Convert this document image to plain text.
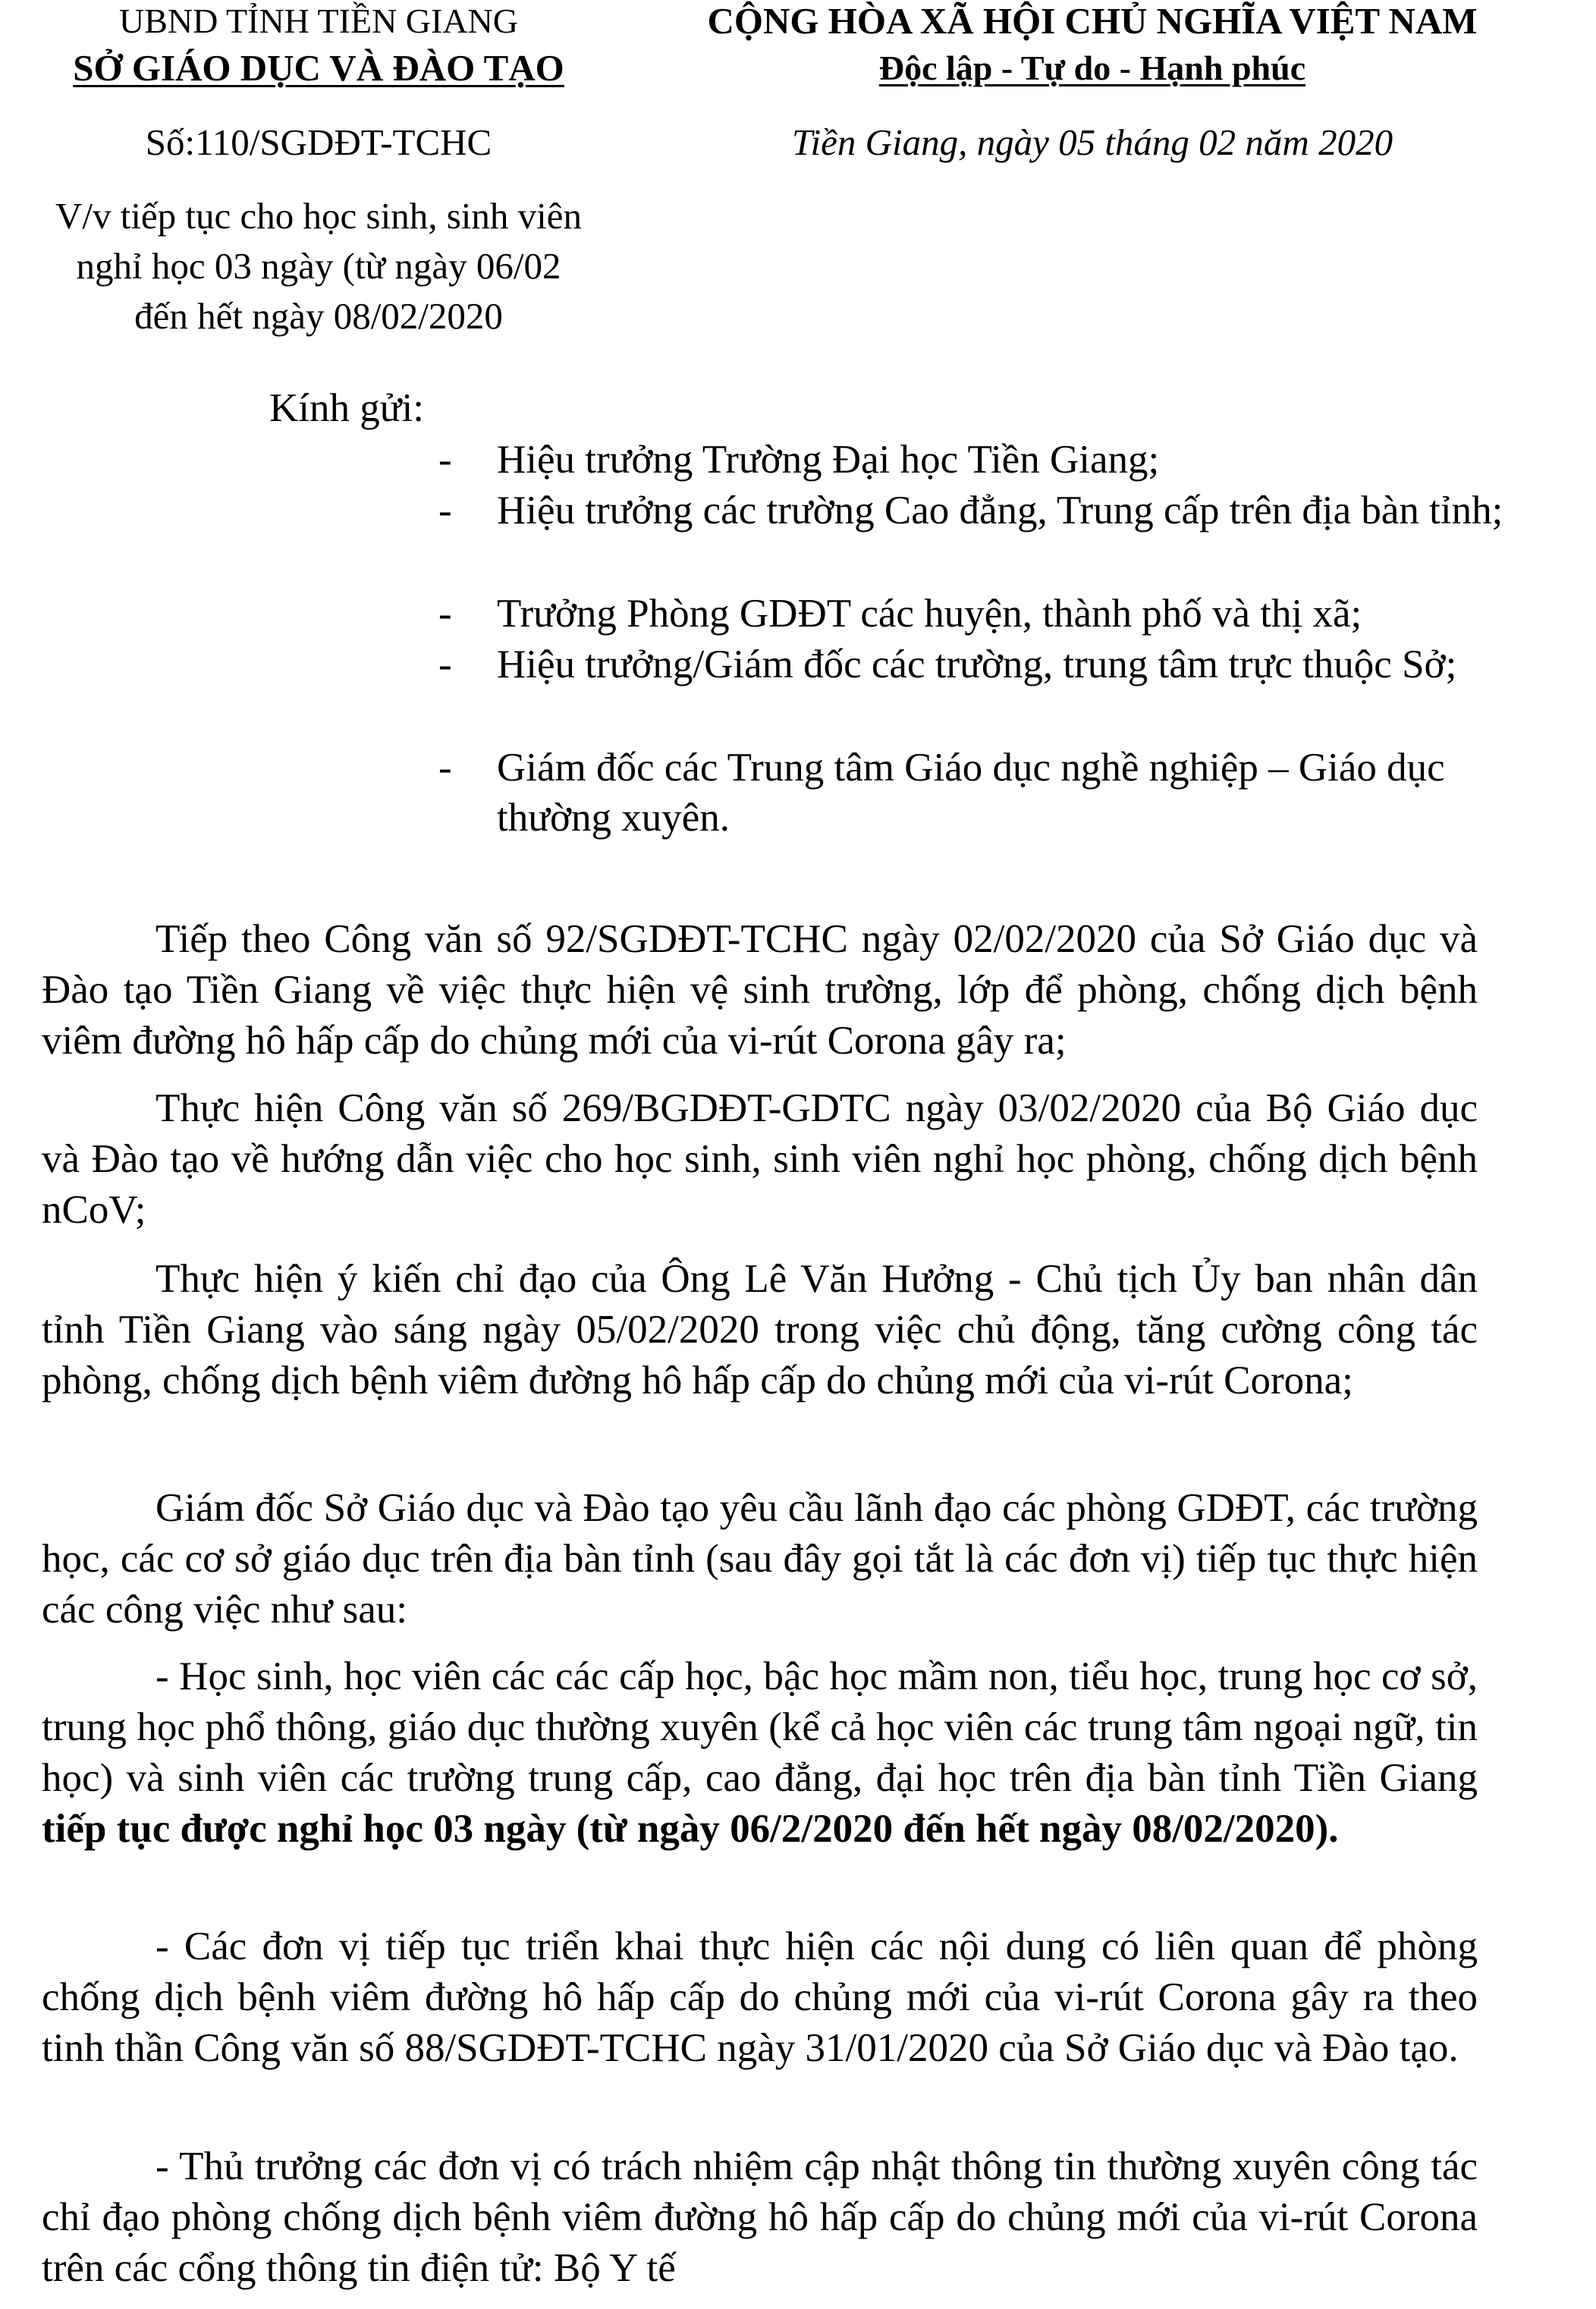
UBND TỈNH TIỀN GIANG
SỞ GIÁO DỤC VÀ ĐÀO TẠO
CỘNG HÒA XÃ HỘI CHỦ NGHĨA VIỆT NAM
Độc lập - Tự do - Hạnh phúc
Số:110/SGDĐT-TCHC	Tiền Giang, ngày 05 tháng 02 năm 2020
V/v tiếp tục cho học sinh, sinh viên nghỉ học 03 ngày (từ ngày 06/02 đến hết ngày 08/02/2020
Kính gửi:
- Hiệu trưởng Trường Đại học Tiền Giang;
- Hiệu trưởng các trường Cao đẳng, Trung cấp trên địa bàn tỉnh;
- Trưởng Phòng GDĐT các huyện, thành phố và thị xã;
- Hiệu trưởng/Giám đốc các trường, trung tâm trực thuộc Sở;
- Giám đốc các Trung tâm Giáo dục nghề nghiệp – Giáo dục thường xuyên.

Tiếp theo Công văn số 92/SGDĐT-TCHC ngày 02/02/2020 của Sở Giáo dục và Đào tạo Tiền Giang về việc thực hiện vệ sinh trường, lớp để phòng, chống dịch bệnh viêm đường hô hấp cấp do chủng mới của vi-rút Corona gây ra;

Thực hiện Công văn số 269/BGDĐT-GDTC ngày 03/02/2020 của Bộ Giáo dục và Đào tạo về hướng dẫn việc cho học sinh, sinh viên nghỉ học phòng, chống dịch bệnh nCoV;

Thực hiện ý kiến chỉ đạo của Ông Lê Văn Hưởng - Chủ tịch Ủy ban nhân dân tỉnh Tiền Giang vào sáng ngày 05/02/2020 trong việc chủ động, tăng cường công tác phòng, chống dịch bệnh viêm đường hô hấp cấp do chủng mới của vi-rút Corona;

Giám đốc Sở Giáo dục và Đào tạo yêu cầu lãnh đạo các phòng GDĐT, các trường học, các cơ sở giáo dục trên địa bàn tỉnh (sau đây gọi tắt là các đơn vị) tiếp tục thực hiện các công việc như sau:

- Học sinh, học viên các các cấp học, bậc học mầm non, tiểu học, trung học cơ sở, trung học phổ thông, giáo dục thường xuyên (kể cả học viên các trung tâm ngoại ngữ, tin học) và sinh viên các trường trung cấp, cao đẳng, đại học trên địa bàn tỉnh Tiền Giang tiếp tục được nghỉ học 03 ngày (từ ngày 06/2/2020 đến hết ngày 08/02/2020).

- Các đơn vị tiếp tục triển khai thực hiện các nội dung có liên quan để phòng chống dịch bệnh viêm đường hô hấp cấp do chủng mới của vi-rút Corona gây ra theo tinh thần Công văn số 88/SGDĐT-TCHC ngày 31/01/2020 của Sở Giáo dục và Đào tạo.

- Thủ trưởng các đơn vị có trách nhiệm cập nhật thông tin thường xuyên công tác chỉ đạo phòng chống dịch bệnh viêm đường hô hấp cấp do chủng mới của vi-rút Corona trên các cổng thông tin điện tử: Bộ Y tế
